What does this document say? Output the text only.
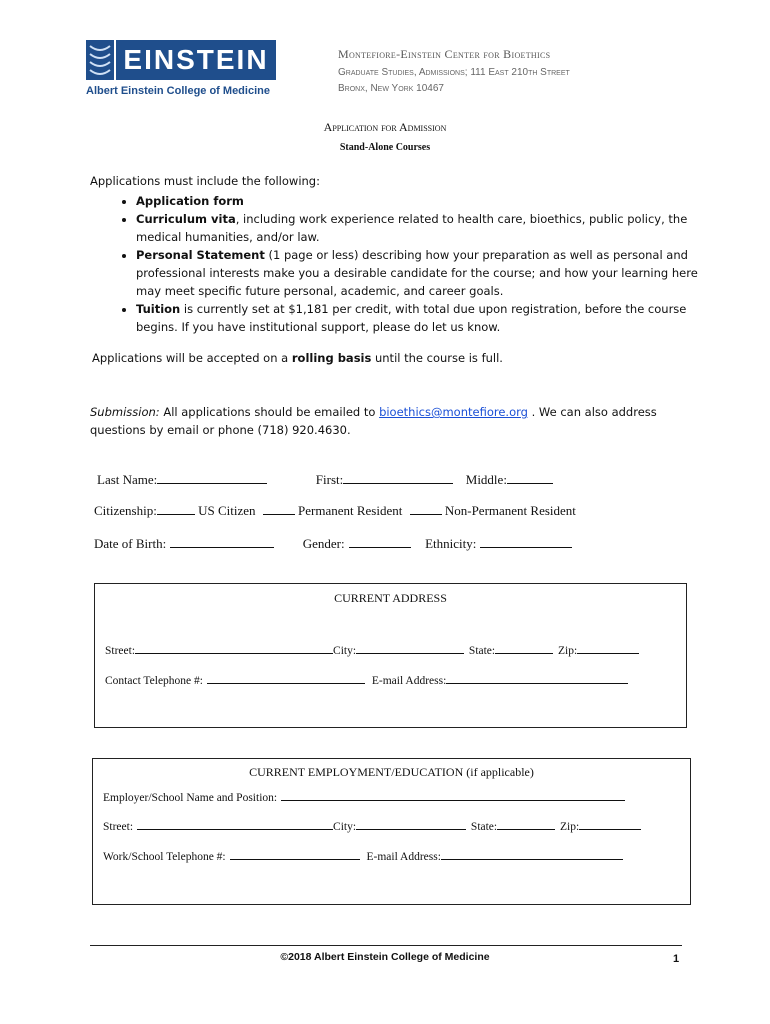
EINSTEIN
Albert Einstein College of Medicine
Montefiore-Einstein Center for Bioethics
Graduate Studies, Admissions; 111 East 210th Street
Bronx, New York 10467
Application for Admission
Stand-Alone Courses
Applications must include the following:
• Application form
• Curriculum vita, including work experience related to health care, bioethics, public policy, the medical humanities, and/or law.
• Personal Statement (1 page or less) describing how your preparation as well as personal and professional interests make you a desirable candidate for the course; and how your learning here may meet specific future personal, academic, and career goals.
• Tuition is currently set at $1,181 per credit, with total due upon registration, before the course begins. If you have institutional support, please do let us know.
Applications will be accepted on a rolling basis until the course is full.
Submission: All applications should be emailed to bioethics@montefiore.org . We can also address questions by email or phone (718) 920.4630.
Last Name:	First:	Middle:
Citizenship:	US Citizen	Permanent Resident	Non-Permanent Resident
Date of Birth:	Gender:	Ethnicity:
CURRENT ADDRESS
Street:	City:	State:	Zip:
Contact Telephone #:	E-mail Address:
CURRENT EMPLOYMENT/EDUCATION (if applicable)
Employer/School Name and Position:
Street:	City:	State:	Zip:
Work/School Telephone #:	E-mail Address:
©2018 Albert Einstein College of Medicine	1
